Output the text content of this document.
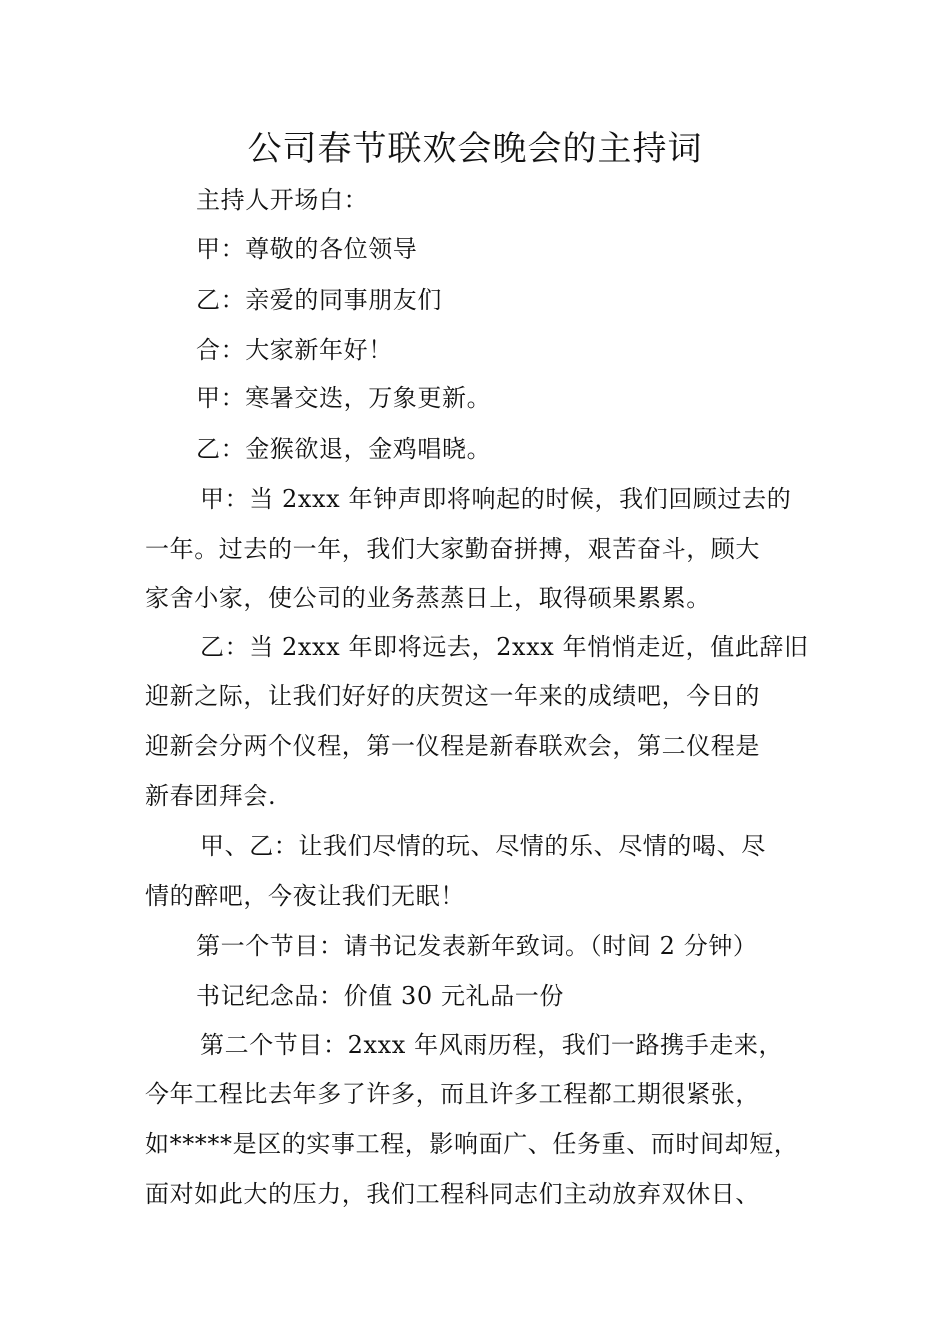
公司春节联欢会晚会的主持词
主持人开场白：
甲：尊敬的各位领导
乙：亲爱的同事朋友们
合：大家新年好！
甲：寒暑交迭，万象更新。
乙：金猴欲退，金鸡唱晓。
甲：当 2xxx 年钟声即将响起的时候，我们回顾过去的
一年。过去的一年，我们大家勤奋拼搏，艰苦奋斗，顾大
家舍小家，使公司的业务蒸蒸日上，取得硕果累累。
乙：当 2xxx 年即将远去，2xxx 年悄悄走近，值此辞旧
迎新之际，让我们好好的庆贺这一年来的成绩吧，今日的
迎新会分两个仪程，第一仪程是新春联欢会，第二仪程是
新春团拜会.
甲、乙：让我们尽情的玩、尽情的乐、尽情的喝、尽
情的醉吧，今夜让我们无眠！
第一个节目：请书记发表新年致词。（时间 2 分钟）
书记纪念品：价值 30 元礼品一份
第二个节目：2xxx 年风雨历程，我们一路携手走来，
今年工程比去年多了许多，而且许多工程都工期很紧张，
如*****是区的实事工程，影响面广、任务重、而时间却短，
面对如此大的压力，我们工程科同志们主动放弃双休日、
